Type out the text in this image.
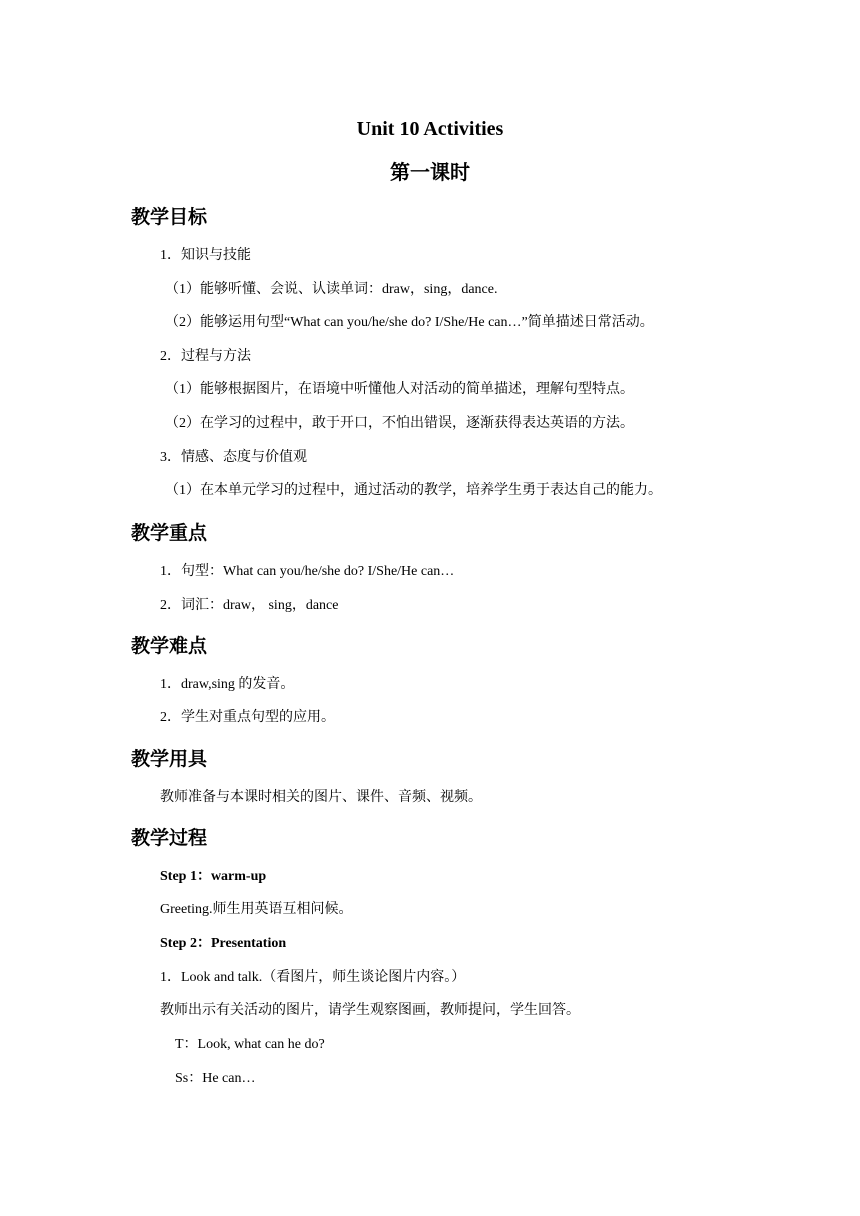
Unit 10 Activities
第一课时
教学目标
1．知识与技能
（1）能够听懂、会说、认读单词：draw，sing，dance.
（2）能够运用句型“What can you/he/she do? I/She/He can…”简单描述日常活动。
2．过程与方法
（1）能够根据图片，在语境中听懂他人对活动的简单描述，理解句型特点。
（2）在学习的过程中，敢于开口，不怕出错误，逐渐获得表达英语的方法。
3．情感、态度与价值观
（1）在本单元学习的过程中，通过活动的教学，培养学生勇于表达自己的能力。
教学重点
1．句型：What can you/he/she do? I/She/He can…
2．词汇：draw， sing，dance
教学难点
1．draw,sing 的发音。
2．学生对重点句型的应用。
教学用具
教师准备与本课时相关的图片、课件、音频、视频。
教学过程
Step 1：warm-up
Greeting.师生用英语互相问候。
Step 2：Presentation
1．Look and talk.（看图片，师生谈论图片内容。）
教师出示有关活动的图片，请学生观察图画，教师提问，学生回答。
T：Look, what can he do?
Ss：He can…
